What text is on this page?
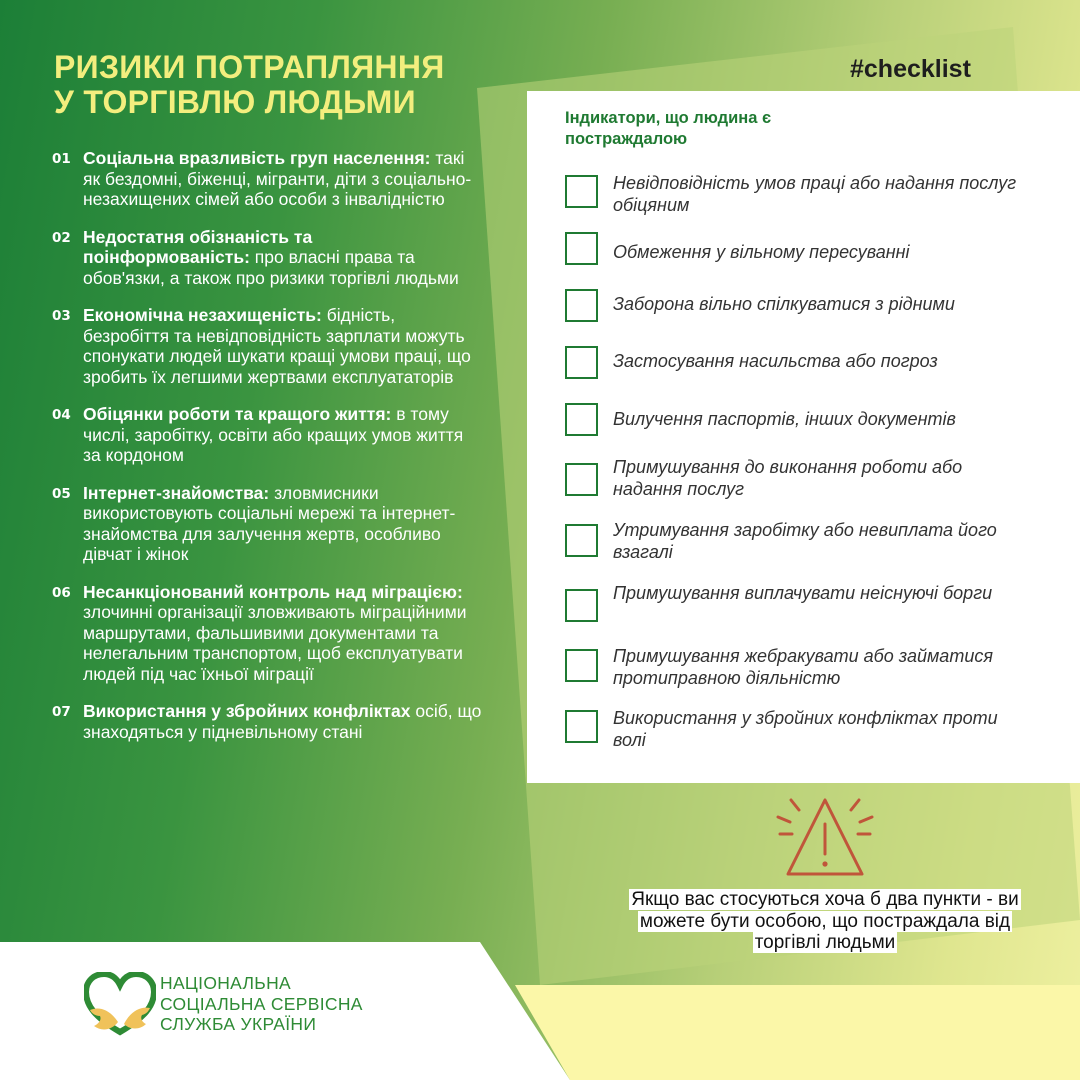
РИЗИКИ ПОТРАПЛЯННЯ
У ТОРГІВЛЮ ЛЮДЬМИ
01 Соціальна вразливість груп населення: такі як бездомні, біженці, мігранти, діти з соціально-незахищених сімей або особи з інвалідністю
02 Недостатня обізнаність та поінформованість: про власні права та обов'язки, а також про ризики торгівлі людьми
03 Економічна незахищеність: бідність, безробіття та невідповідність зарплати можуть спонукати людей шукати кращі умови праці, що зробить їх легшими жертвами експлуататорів
04 Обіцянки роботи та кращого життя: в тому числі, заробітку, освіти або кращих умов життя за кордоном
05 Інтернет-знайомства: зловмисники використовують соціальні мережі та інтернет-знайомства для залучення жертв, особливо дівчат і жінок
06 Несанкціонований контроль над міграцією: злочинні організації зловживають міграційними маршрутами, фальшивими документами та нелегальним транспортом, щоб експлуатувати людей під час їхньої міграції
07 Використання у збройних конфліктах осіб, що знаходяться у підневільному стані

#checklist

Індикатори, що людина є постраждалою

Невідповідність умов праці або надання послуг обіцяним
Обмеження у вільному пересуванні
Заборона вільно спілкуватися з рідними
Застосування насильства або погроз
Вилучення паспортів, інших документів
Примушування до виконання роботи або надання послуг
Утримування заробітку або невиплата його взагалі
Примушування виплачувати неіснуючі борги
Примушування жебракувати або займатися протиправною діяльністю
Використання у збройних конфліктах проти волі

Якщо вас стосуються хоча б два пункти - ви можете бути особою, що постраждала від торгівлі людьми

НАЦІОНАЛЬНА
СОЦІАЛЬНА СЕРВІСНА
СЛУЖБА УКРАЇНИ
